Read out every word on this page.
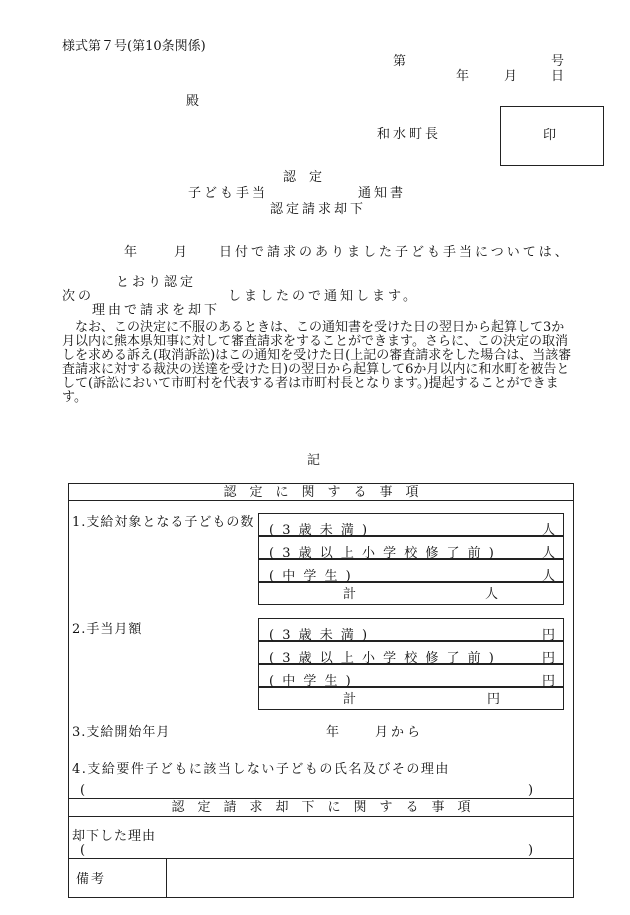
様式第７号(第10条関係)
第	号
年	月	日
殿
和水町長	印
認　定
子ども手当	通知書
認定請求却下
年	月 日付で請求のありました子ども手当については、
とおり認定
次の	しましたので通知します。
理由で請求を却下

なお、この決定に不服のあるときは、この通知書を受けた日の翌日から起算して3か月以内に熊本県知事に対して審査請求をすることができます。さらに、この決定の取消しを求める訴え(取消訴訟)はこの通知を受けた日(上記の審査請求をした場合は、当該審査請求に対する裁決の送達を受けた日)の翌日から起算して6か月以内に和水町を被告として(訴訟において市町村を代表する者は市町村長となります。)提起することができます。

記
認　定　に　関　す　る　事　項
1.支給対象となる子どもの数
( 3 歳 未 満 )	人
( 3 歳 以 上 小 学 校 修 了 前 )	人
( 中 学 生 )	人
計	人
2.手当月額	( 3 歳 未 満 )	円
( 3 歳 以 上 小 学 校 修 了 前 )	円
( 中 学 生 )	円
計	円
3.支給開始年月	年	月から
4.支給要件子どもに該当しない子どもの氏名及びその理由
(	)
認　定　請　求　却　下　に　関　す　る　事　項
却下した理由
(	)
備考
